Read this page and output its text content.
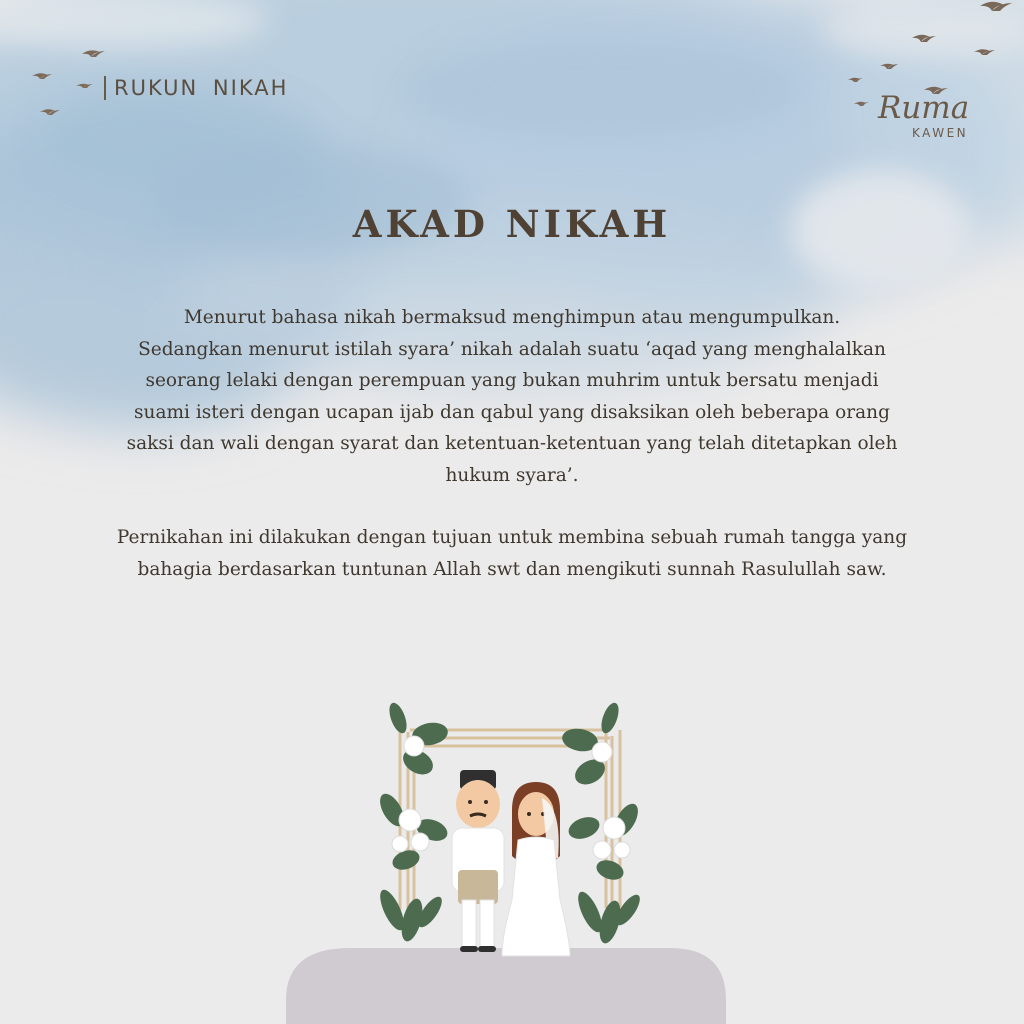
RUKUN NIKAH
Ruma
KAWEN
AKAD NIKAH

Menurut bahasa nikah bermaksud menghimpun atau mengumpulkan.
Sedangkan menurut istilah syara’ nikah adalah suatu ‘aqad yang menghalalkan
seorang lelaki dengan perempuan yang bukan muhrim untuk bersatu menjadi
suami isteri dengan ucapan ijab dan qabul yang disaksikan oleh beberapa orang
saksi dan wali dengan syarat dan ketentuan-ketentuan yang telah ditetapkan oleh
hukum syara’.

Pernikahan ini dilakukan dengan tujuan untuk membina sebuah rumah tangga yang
bahagia berdasarkan tuntunan Allah swt dan mengikuti sunnah Rasulullah saw.
